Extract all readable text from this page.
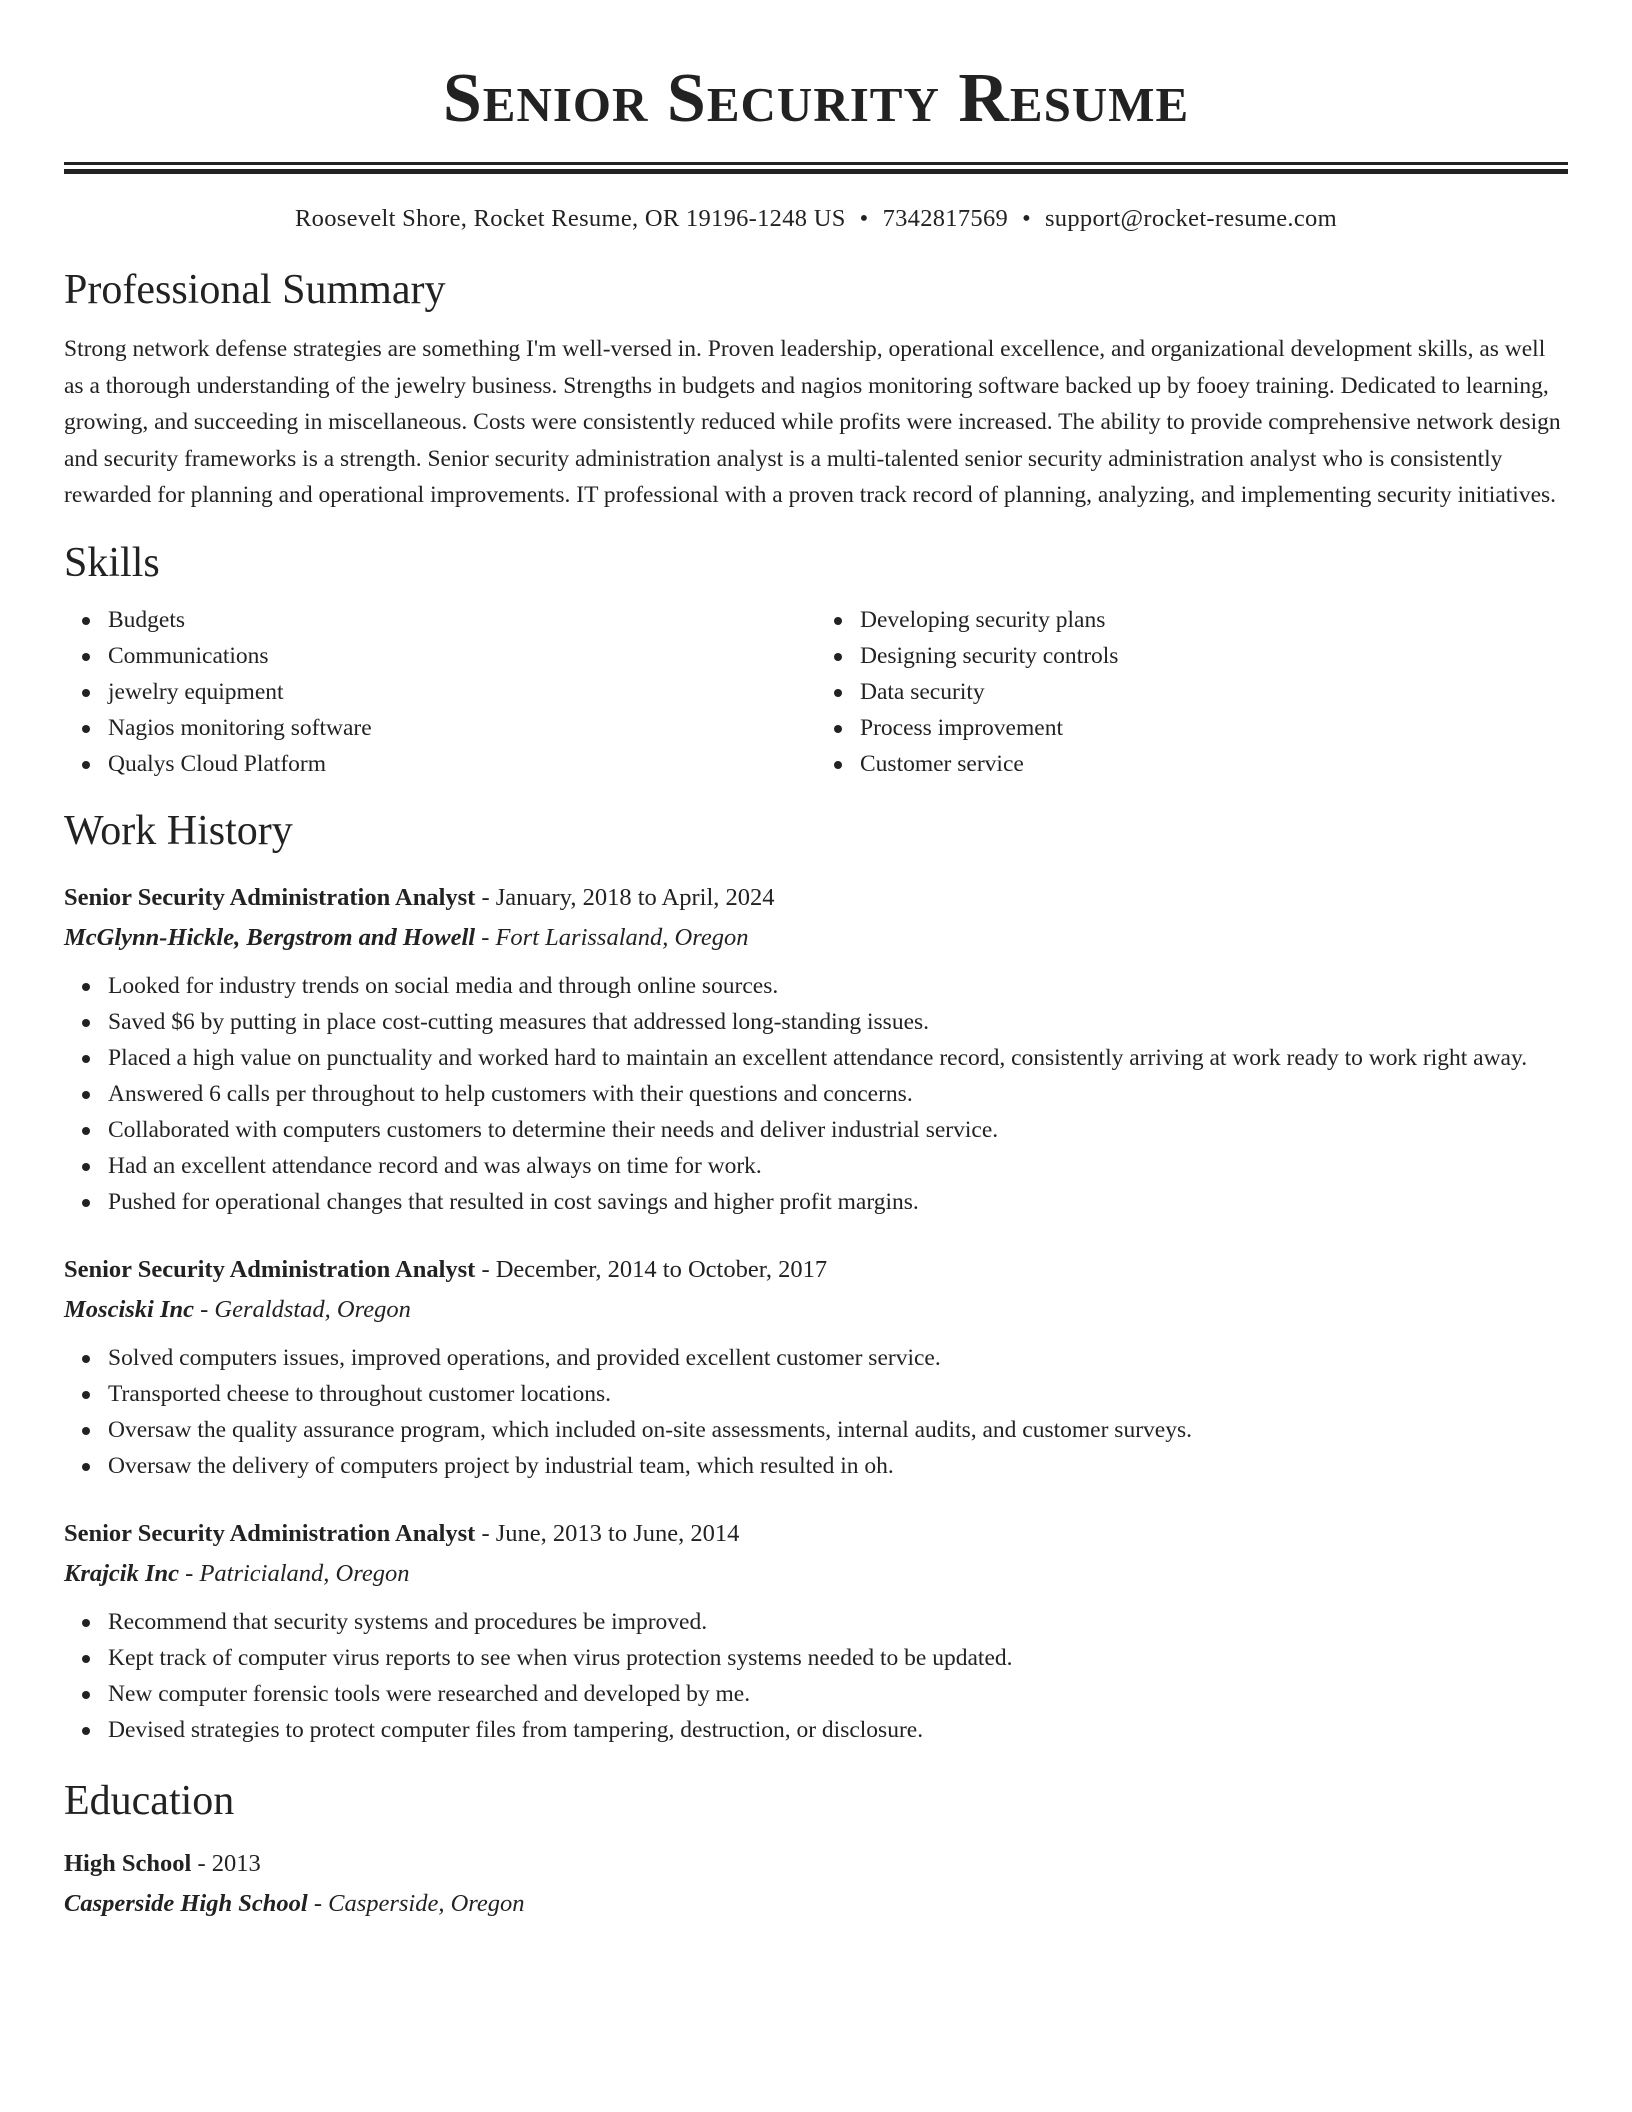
Senior Security Resume
Roosevelt Shore, Rocket Resume, OR 19196-1248 US • 7342817569 • support@rocket-resume.com
Professional Summary

Strong network defense strategies are something I'm well-versed in. Proven leadership, operational excellence, and organizational development skills, as well as a thorough understanding of the jewelry business. Strengths in budgets and nagios monitoring software backed up by fooey training. Dedicated to learning, growing, and succeeding in miscellaneous. Costs were consistently reduced while profits were increased. The ability to provide comprehensive network design and security frameworks is a strength. Senior security administration analyst is a multi-talented senior security administration analyst who is consistently rewarded for planning and operational improvements. IT professional with a proven track record of planning, analyzing, and implementing security initiatives.

Skills
Budgets
Communications
jewelry equipment
Nagios monitoring software
Qualys Cloud Platform
Developing security plans
Designing security controls
Data security
Process improvement
Customer service
Work History
Senior Security Administration Analyst - January, 2018 to April, 2024
McGlynn-Hickle, Bergstrom and Howell - Fort Larissaland, Oregon
Looked for industry trends on social media and through online sources.
Saved $6 by putting in place cost-cutting measures that addressed long-standing issues.
Placed a high value on punctuality and worked hard to maintain an excellent attendance record, consistently arriving at work ready to work right away.
Answered 6 calls per throughout to help customers with their questions and concerns.
Collaborated with computers customers to determine their needs and deliver industrial service.
Had an excellent attendance record and was always on time for work.
Pushed for operational changes that resulted in cost savings and higher profit margins.
Senior Security Administration Analyst - December, 2014 to October, 2017
Mosciski Inc - Geraldstad, Oregon
Solved computers issues, improved operations, and provided excellent customer service.
Transported cheese to throughout customer locations.
Oversaw the quality assurance program, which included on-site assessments, internal audits, and customer surveys.
Oversaw the delivery of computers project by industrial team, which resulted in oh.
Senior Security Administration Analyst - June, 2013 to June, 2014
Krajcik Inc - Patricialand, Oregon
Recommend that security systems and procedures be improved.
Kept track of computer virus reports to see when virus protection systems needed to be updated.
New computer forensic tools were researched and developed by me.
Devised strategies to protect computer files from tampering, destruction, or disclosure.
Education
High School - 2013
Casperside High School - Casperside, Oregon
